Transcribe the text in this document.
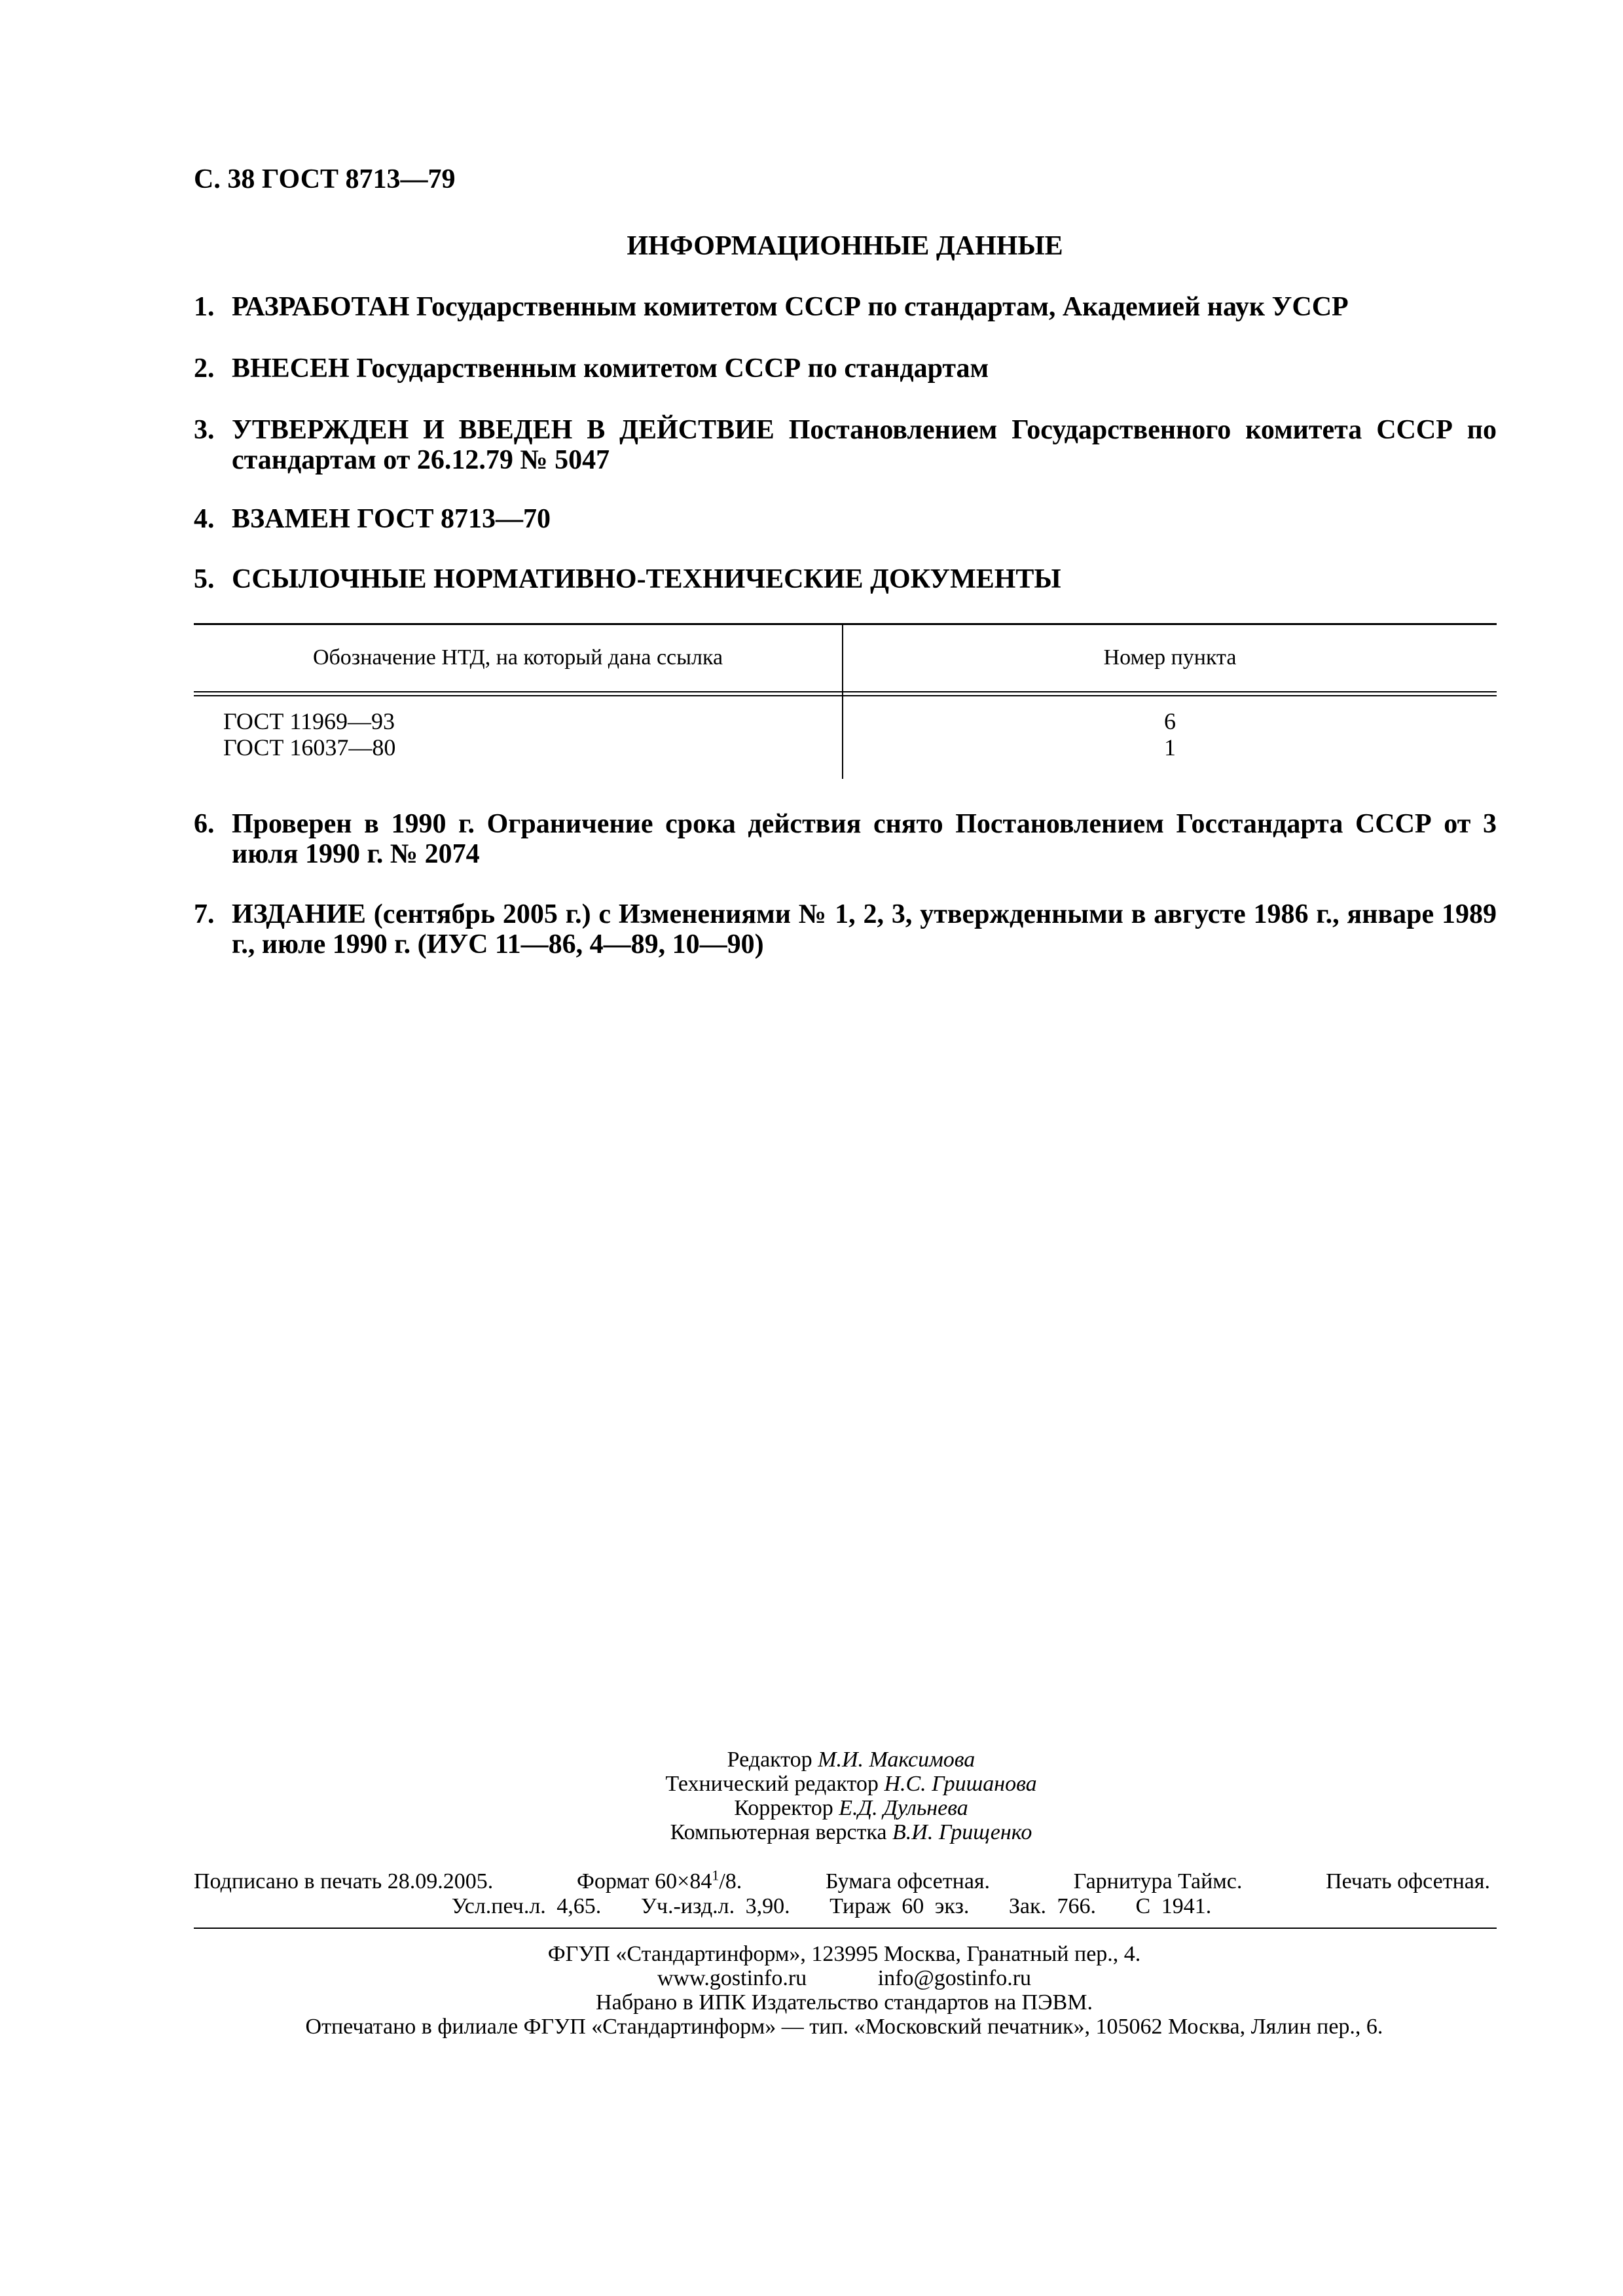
С. 38 ГОСТ 8713—79
ИНФОРМАЦИОННЫЕ ДАННЫЕ
1. РАЗРАБОТАН Государственным комитетом СССР по стандартам, Академией наук УССР
2. ВНЕСЕН Государственным комитетом СССР по стандартам
3. УТВЕРЖДЕН И ВВЕДЕН В ДЕЙСТВИЕ Постановлением Государственного комитета СССР по стандартам от 26.12.79 № 5047
4. ВЗАМЕН ГОСТ 8713—70
5. ССЫЛОЧНЫЕ НОРМАТИВНО-ТЕХНИЧЕСКИЕ ДОКУМЕНТЫ
Обозначение НТД, на который дана ссылка	Номер пункта
ГОСТ 11969—93	6
ГОСТ 16037—80	1
6. Проверен в 1990 г. Ограничение срока действия снято Постановлением Госстандарта СССР от 3 июля 1990 г. № 2074
7. ИЗДАНИЕ (сентябрь 2005 г.) с Изменениями № 1, 2, 3, утвержденными в августе 1986 г., январе 1989 г., июле 1990 г. (ИУС 11—86, 4—89, 10—90)
Редактор М.И. Максимова
Технический редактор Н.С. Гришанова
Корректор Е.Д. Дульнева
Компьютерная верстка В.И. Грищенко
Подписано в печать 28.09.2005.	Формат $60\times 84^1/8$.	Бумага офсетная.	Гарнитура Таймс.	Печать офсетная.
Усл.печ.л. 4,65. Уч.-изд.л. 3,90. Тираж 60 экз. Зак. 766. С 1941.
ФГУП «Стандартинформ», 123995 Москва, Гранатный пер., 4.
www.gostinfo.ru	info@gostinfo.ru
Набрано в ИПК Издательство стандартов на ПЭВМ.
Отпечатано в филиале ФГУП «Стандартинформ» — тип. «Московский печатник», 105062 Москва, Лялин пер., 6.
